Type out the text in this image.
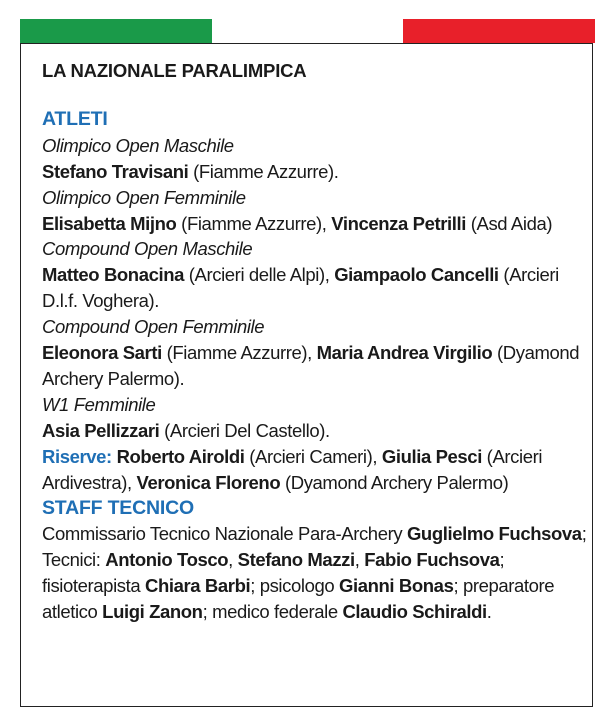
LA NAZIONALE PARALIMPICA
ATLETI

Olimpico Open Maschile

Stefano Travisani (Fiamme Azzurre).

Olimpico Open Femminile

Elisabetta Mijno (Fiamme Azzurre), Vincenza Petrilli (Asd Aida)

Compound Open Maschile

Matteo Bonacina (Arcieri delle Alpi), Giampaolo Cancelli (Arcieri D.l.f. Voghera).

Compound Open Femminile

Eleonora Sarti (Fiamme Azzurre), Maria Andrea Virgilio (Dyamond Archery Palermo).

W1 Femminile

Asia Pellizzari (Arcieri Del Castello).

Riserve: Roberto Airoldi (Arcieri Cameri), Giulia Pesci (Arcieri Ardivestra), Veronica Floreno (Dyamond Archery Palermo)

STAFF TECNICO

Commissario Tecnico Nazionale Para-Archery Guglielmo Fuchsova; Tecnici: Antonio Tosco, Stefano Mazzi, Fabio Fuchsova; fisioterapista Chiara Barbi; psicologo Gianni Bonas; preparatore atletico Luigi Zanon; medico federale Claudio Schiraldi.
